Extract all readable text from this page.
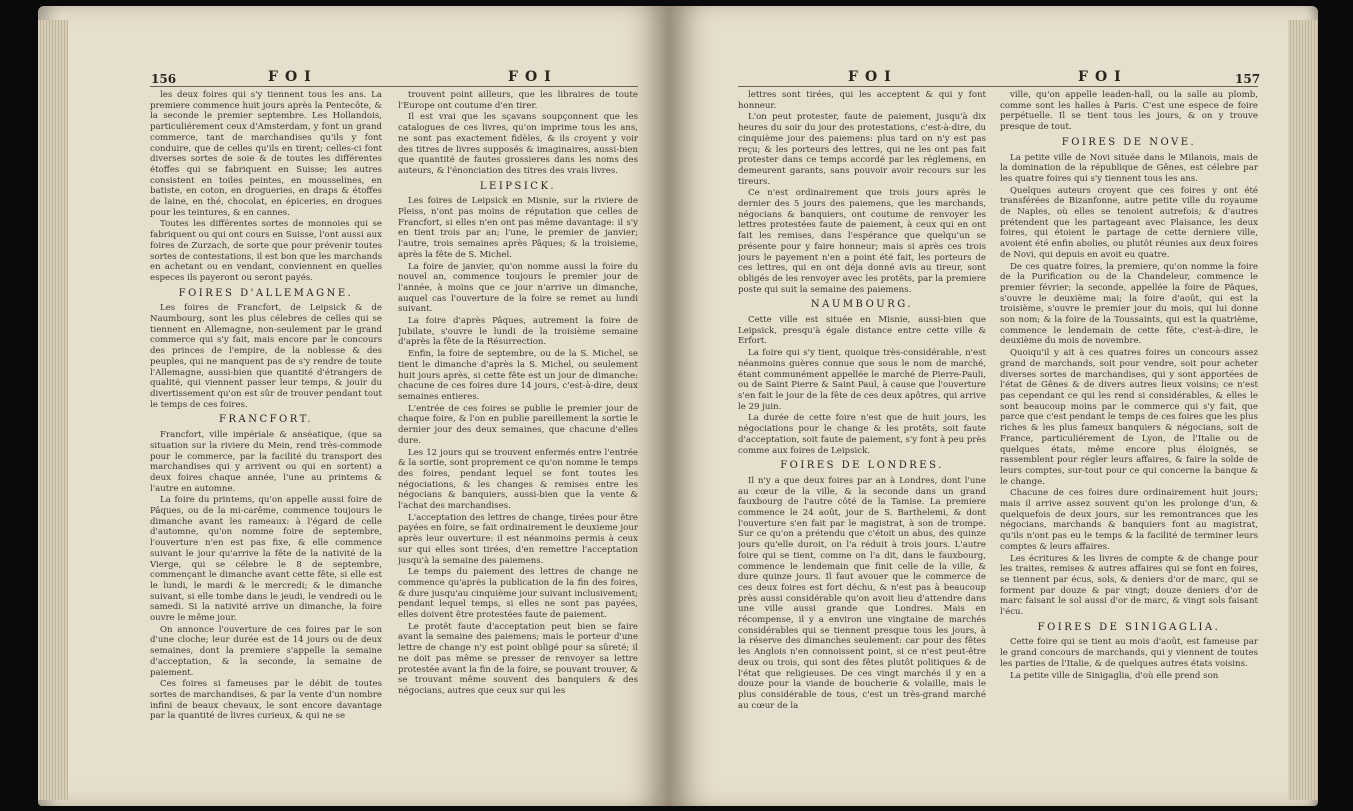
156	FOI	FOI

les deux foires qui s'y tiennent tous les ans. La premiere commence huit jours après la Pentecôte, & la seconde le premier septembre. Les Hollandois, particuliérement ceux d'Amsterdam, y font un grand commerce, tant de marchandises qu'ils y font conduire, que de celles qu'ils en tirent; celles-ci font diverses sortes de soie & de toutes les différentes étoffes qui se fabriquent en Suisse; les autres consistent en toiles peintes, en mousselines, en batiste, en coton, en drogueries, en draps & étoffes de laine, en thé, chocolat, en épiceries, en drogues pour les teintures, & en cannes.

Toutes les différentes sortes de monnoies qui se fabriquent ou qui ont cours en Suisse, l'ont aussi aux foires de Zurzach, de sorte que pour prévenir toutes sortes de contestations, il est bon que les marchands en achetant ou en vendant, conviennent en quelles especes ils payeront ou seront payés.

FOIRES D'ALLEMAGNE.

Les foires de Francfort, de Leipsick & de Naumbourg, sont les plus célebres de celles qui se tiennent en Allemagne, non-seulement par le grand commerce qui s'y fait, mais encore par le concours des princes de l'empire, de la noblesse & des peuples, qui ne manquent pas de s'y rendre de toute l'Allemagne, aussi-bien que quantité d'étrangers de qualité, qui viennent passer leur temps, & jouir du divertissement qu'on est sûr de trouver pendant tout le temps de ces foires.

FRANCFORT.

Francfort, ville impériale & anséatique, (que sa situation sur la riviere du Mein, rend très-commode pour le commerce, par la facilité du transport des marchandises qui y arrivent ou qui en sortent) a deux foires chaque année, l'une au printems & l'autre en automne.

La foire du printems, qu'on appelle aussi foire de Pâques, ou de la mi-carême, commence toujours le dimanche avant les rameaux: à l'égard de celle d'automne, qu'on nomme foire de septembre, l'ouverture n'en est pas fixe, & elle commence suivant le jour qu'arrive la fête de la nativité de la Vierge, qui se célebre le 8 de septembre, commençant le dimanche avant cette fête, si elle est le lundi, le mardi & le mercredi; & le dimanche suivant, si elle tombe dans le jeudi, le vendredi ou le samedi. Si la nativité arrive un dimanche, la foire ouvre le même jour.

On annonce l'ouverture de ces foires par le son d'une cloche; leur durée est de 14 jours ou de deux semaines, dont la premiere s'appelle la semaine d'acceptation, & la seconde, la semaine de paiement.

Ces foires si fameuses par le débit de toutes sortes de marchandises, & par la vente d'un nombre infini de beaux chevaux, le sont encore davantage par la quantité de livres curieux, & qui ne se

trouvent point ailleurs, que les libraires de toute l'Europe ont coutume d'en tirer.

Il est vrai que les sçavans soupçonnent que les catalogues de ces livres, qu'on imprime tous les ans, ne sont pas exactement fidèles, & ils croyent y voir des titres de livres supposés & imaginaires, aussi-bien que quantité de fautes grossieres dans les noms des auteurs, & l'énonciation des titres des vrais livres.

LEIPSICK.

Les foires de Leipsick en Misnie, sur la riviere de Pleiss, n'ont pas moins de réputation que celles de Francfort, si elles n'en ont pas même davantage: il s'y en tient trois par an; l'une, le premier de janvier; l'autre, trois semaines après Pâques; & la troisieme, après la fête de S. Michel.

La foire de janvier, qu'on nomme aussi la foire du nouvel an, commence toujours le premier jour de l'année, à moins que ce jour n'arrive un dimanche, auquel cas l'ouverture de la foire se remet au lundi suivant.

La foire d'après Pâques, autrement la foire de Jubilate, s'ouvre le lundi de la troisième semaine d'après la fête de la Résurrection.

Enfin, la foire de septembre, ou de la S. Michel, se tient le dimanche d'après la S. Michel, ou seulement huit jours après, si cette fête est un jour de dimanche: chacune de ces foires dure 14 jours, c'est-à-dire, deux semaines entieres.

L'entrée de ces foires se publie le premier jour de chaque foire, & l'on en publie pareillement la sortie le dernier jour des deux semaines, que chacune d'elles dure.

Les 12 jours qui se trouvent enfermés entre l'entrée & la sortie, sont proprement ce qu'on nomme le temps des foires, pendant lequel se font toutes les négociations, & les changes & remises entre les négocians & banquiers, aussi-bien que la vente & l'achat des marchandises.

L'acceptation des lettres de change, tirées pour être payées en foire, se fait ordinairement le deuxieme jour après leur ouverture: il est néanmoins permis à ceux sur qui elles sont tirées, d'en remettre l'acceptation jusqu'à la semaine des paiemens.

Le temps du paiement des lettres de change ne commence qu'après la publication de la fin des foires, & dure jusqu'au cinquième jour suivant inclusivement; pendant lequel temps, si elles ne sont pas payées, elles doivent être protestées faute de paiement.

Le protêt faute d'acceptation peut bien se faire avant la semaine des paiemens; mais le porteur d'une lettre de change n'y est point obligé pour sa sûreté; il ne doit pas même se presser de renvoyer sa lettre protestée avant la fin de la foire, se pouvant trouver, & se trouvant même souvent des banquiers & des négocians, autres que ceux sur qui les

FOI	FOI	157

lettres sont tirées, qui les acceptent & qui y font honneur.

L'on peut protester, faute de paiement, jusqu'à dix heures du soir du jour des protestations, c'est-à-dire, du cinquième jour des paiemens: plus tard on n'y est pas reçu; & les porteurs des lettres, qui ne les ont pas fait protester dans ce temps accordé par les réglemens, en demeurent garants, sans pouvoir avoir recours sur les tireurs.

Ce n'est ordinairement que trois jours après le dernier des 5 jours des paiemens, que les marchands, négocians & banquiers, ont coutume de renvoyer les lettres protestées faute de paiement, à ceux qui en ont fait les remises, dans l'espérance que quelqu'un se présente pour y faire honneur; mais si après ces trois jours le payement n'en a point été fait, les porteurs de ces lettres, qui en ont déja donné avis au tireur, sont obligés de les renvoyer avec les protêts, par la premiere poste qui suit la semaine des paiemens.

NAUMBOURG.

Cette ville est située en Misnie, aussi-bien que Leipsick, presqu'à égale distance entre cette ville & Erfort.

La foire qui s'y tient, quoique très-considérable, n'est néanmoins guères connue que sous le nom de marché, étant communément appellée le marché de Pierre-Pauli, ou de Saint Pierre & Saint Paul, à cause que l'ouverture s'en fait le jour de la fête de ces deux apôtres, qui arrive le 29 juin.

La durée de cette foire n'est que de huit jours, les négociations pour le change & les protêts, soit faute d'acceptation, soit faute de paiement, s'y font à peu près comme aux foires de Leipsick.

FOIRES DE LONDRES.

Il n'y a que deux foires par an à Londres, dont l'une au cœur de la ville, & la seconde dans un grand fauxbourg de l'autre côté de la Tamise. La premiere commence le 24 août, jour de S. Barthelemi, & dont l'ouverture s'en fait par le magistrat, à son de trompe. Sur ce qu'on a prétendu que c'étoit un abus, des quinze jours qu'elle duroit, on l'a réduit à trois jours. L'autre foire qui se tient, comme on l'a dit, dans le fauxbourg, commence le lendemain que finit celle de la ville, & dure quinze jours. Il faut avouer que le commerce de ces deux foires est fort déchu, & n'est pas à beaucoup près aussi considérable qu'on avoit lieu d'attendre dans une ville aussi grande que Londres. Mais en récompense, il y a environ une vingtaine de marchés considérables qui se tiennent presque tous les jours, à la réserve des dimanches seulement: car pour des fêtes les Anglois n'en connoissent point, si ce n'est peut-être deux ou trois, qui sont des fêtes plutôt politiques & de l'état que religieuses. De ces vingt marchés il y en a douze pour la viande de boucherie & volaille, mais le plus considérable de tous, c'est un très-grand marché au cœur de la

ville, qu'on appelle leaden-hall, ou la salle au plomb, comme sont les halles à Paris. C'est une espece de foire perpétuelle. Il se tient tous les jours, & on y trouve presque de tout.

FOIRES DE NOVE.

La petite ville de Novi située dans le Milanois, mais de la domination de la république de Gênes, est célebre par les quatre foires qui s'y tiennent tous les ans.

Quelques auteurs croyent que ces foires y ont été transférées de Bizanfonne, autre petite ville du royaume de Naples, où elles se tenoient autrefois; & d'autres prétendent que les partageant avec Plaisance, les deux foires, qui étoient le partage de cette derniere ville, avoient été enfin abolies, ou plutôt réunies aux deux foires de Novi, qui depuis en avoit eu quatre.

De ces quatre foires, la premiere, qu'on nomme la foire de la Purification ou de la Chandeleur, commence le premier février; la seconde, appellée la foire de Pâques, s'ouvre le deuxième mai; la foire d'août, qui est la troisième, s'ouvre le premier jour du mois, qui lui donne son nom; & la foire de la Toussaints, qui est la quatrième, commence le lendemain de cette fête, c'est-à-dire, le deuxième du mois de novembre.

Quoiqu'il y ait à ces quatres foires un concours assez grand de marchands, soit pour vendre, soit pour acheter diverses sortes de marchandises, qui y sont apportées de l'état de Gênes & de divers autres lieux voisins; ce n'est pas cependant ce qui les rend si considérables, & elles le sont beaucoup moins par le commerce qui s'y fait, que parce que c'est pendant le temps de ces foires que les plus riches & les plus fameux banquiers & négocians, soit de France, particuliérement de Lyon, de l'Italie ou de quelques états, même encore plus éloignés, se rassemblent pour régler leurs affaires, & faire la solde de leurs comptes, sur-tout pour ce qui concerne la banque & le change.

Chacune de ces foires dure ordinairement huit jours; mais il arrive assez souvent qu'on les prolonge d'un, & quelquefois de deux jours, sur les remontrances que les négocians, marchands & banquiers font au magistrat, qu'ils n'ont pas eu le temps & la facilité de terminer leurs comptes & leurs affaires.

Les écritures & les livres de compte & de change pour les traites, remises & autres affaires qui se font en foires, se tiennent par écus, sols, & deniers d'or de marc, qui se forment par douze & par vingt; douze deniers d'or de marc faisant le sol aussi d'or de marc, & vingt sols faisant l'écu.

FOIRES DE SINIGAGLIA.

Cette foire qui se tient au mois d'août, est fameuse par le grand concours de marchands, qui y viennent de toutes les parties de l'Italie, & de quelques autres états voisins.

La petite ville de Sinigaglia, d'où elle prend son
